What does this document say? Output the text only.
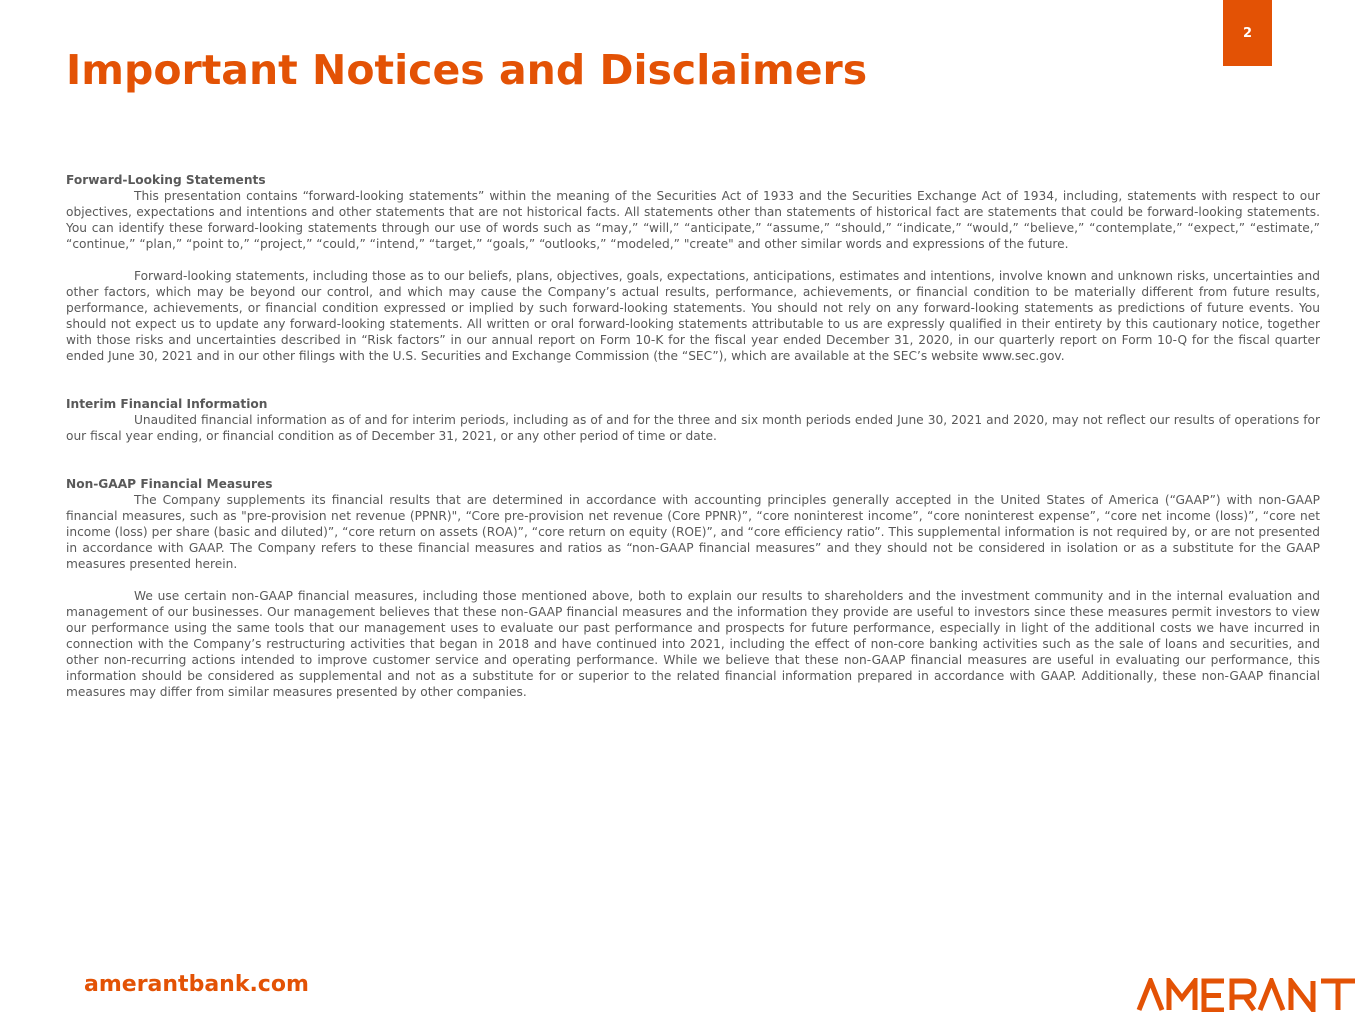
2
Important Notices and Disclaimers
Forward-Looking Statements

This presentation contains “forward-looking statements” within the meaning of the Securities Act of 1933 and the Securities Exchange Act of 1934, including, statements with respect to our objectives, expectations and intentions and other statements that are not historical facts. All statements other than statements of historical fact are statements that could be forward-looking statements. You can identify these forward-looking statements through our use of words such as “may,” “will,” “anticipate,” “assume,” “should,” “indicate,” “would,” “believe,” “contemplate,” “expect,” “estimate,” “continue,” “plan,” “point to,” “project,” “could,” “intend,” “target,” “goals,” “outlooks,” “modeled,” "create" and other similar words and expressions of the future.

Forward-looking statements, including those as to our beliefs, plans, objectives, goals, expectations, anticipations, estimates and intentions, involve known and unknown risks, uncertainties and other factors, which may be beyond our control, and which may cause the Company’s actual results, performance, achievements, or financial condition to be materially different from future results, performance, achievements, or financial condition expressed or implied by such forward-looking statements. You should not rely on any forward-looking statements as predictions of future events. You should not expect us to update any forward-looking statements. All written or oral forward-looking statements attributable to us are expressly qualified in their entirety by this cautionary notice, together with those risks and uncertainties described in “Risk factors” in our annual report on Form 10-K for the fiscal year ended December 31, 2020, in our quarterly report on Form 10-Q for the fiscal quarter ended June 30, 2021 and in our other filings with the U.S. Securities and Exchange Commission (the “SEC”), which are available at the SEC’s website www.sec.gov.

Interim Financial Information

Unaudited financial information as of and for interim periods, including as of and for the three and six month periods ended June 30, 2021 and 2020, may not reflect our results of operations for our fiscal year ending, or financial condition as of December 31, 2021, or any other period of time or date.

Non-GAAP Financial Measures

The Company supplements its financial results that are determined in accordance with accounting principles generally accepted in the United States of America (“GAAP”) with non-GAAP financial measures, such as "pre-provision net revenue (PPNR)", “Core pre-provision net revenue (Core PPNR)”, “core noninterest income”, “core noninterest expense”, “core net income (loss)”, “core net income (loss) per share (basic and diluted)”, “core return on assets (ROA)”, “core return on equity (ROE)”, and “core efficiency ratio”. This supplemental information is not required by, or are not presented in accordance with GAAP. The Company refers to these financial measures and ratios as “non-GAAP financial measures” and they should not be considered in isolation or as a substitute for the GAAP measures presented herein.

We use certain non-GAAP financial measures, including those mentioned above, both to explain our results to shareholders and the investment community and in the internal evaluation and management of our businesses. Our management believes that these non-GAAP financial measures and the information they provide are useful to investors since these measures permit investors to view our performance using the same tools that our management uses to evaluate our past performance and prospects for future performance, especially in light of the additional costs we have incurred in connection with the Company’s restructuring activities that began in 2018 and have continued into 2021, including the effect of non-core banking activities such as the sale of loans and securities, and other non-recurring actions intended to improve customer service and operating performance. While we believe that these non-GAAP financial measures are useful in evaluating our performance, this information should be considered as supplemental and not as a substitute for or superior to the related financial information prepared in accordance with GAAP. Additionally, these non-GAAP financial measures may differ from similar measures presented by other companies.

amerantbank.com
